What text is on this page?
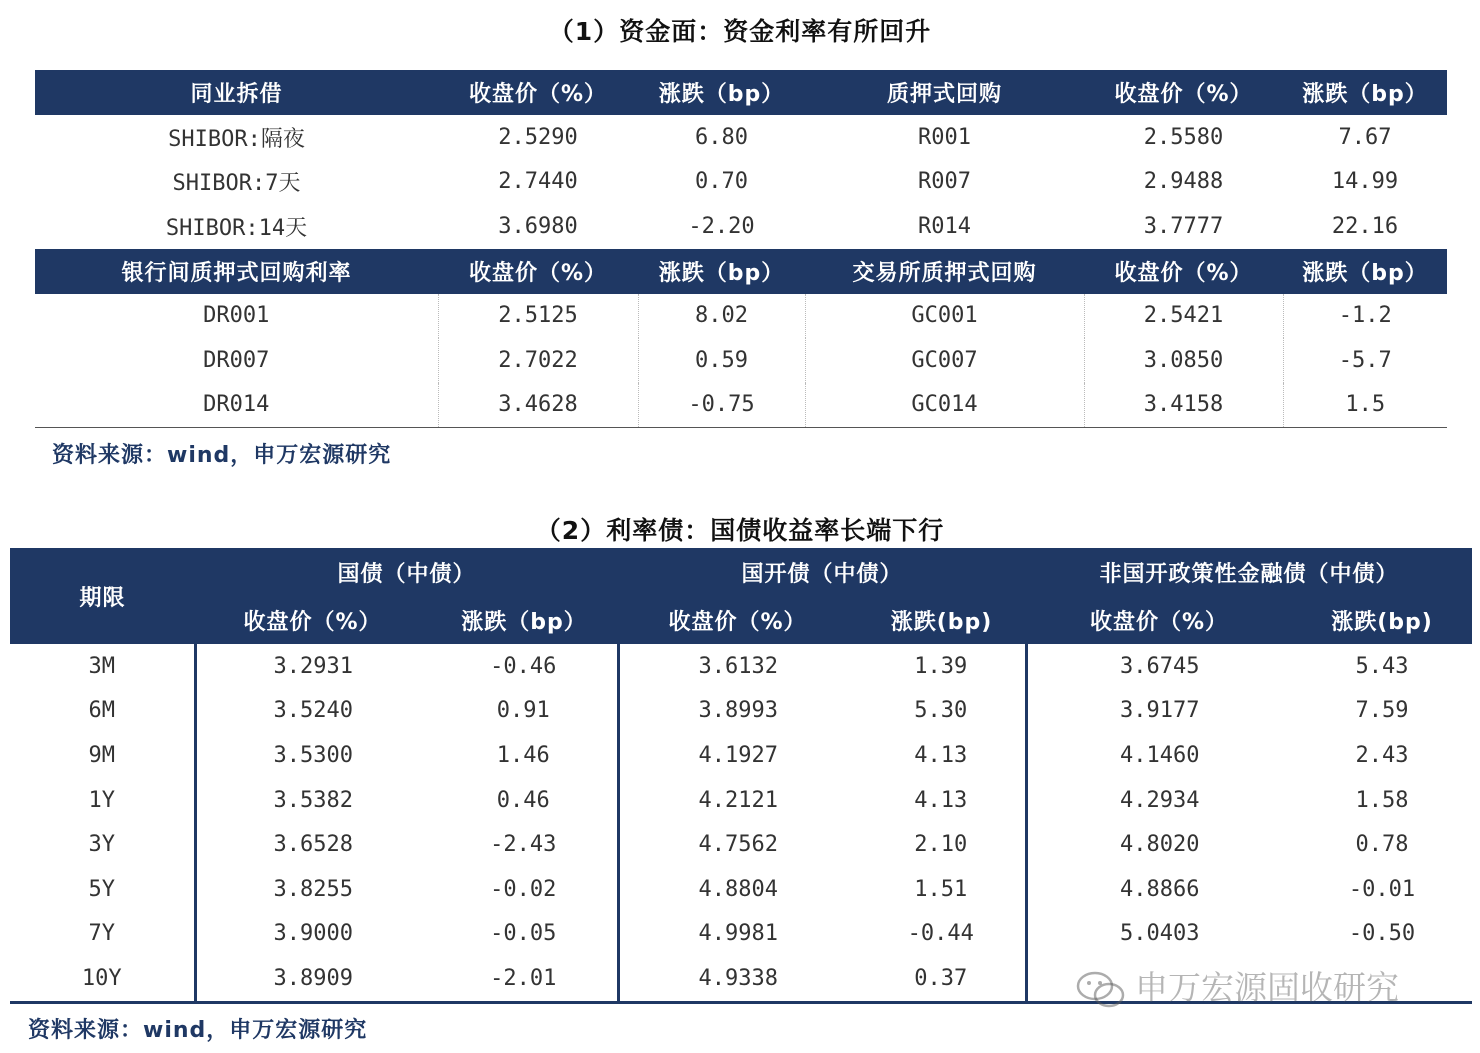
（1）资金面：资金利率有所回升
同业拆借	收盘价（%）	涨跌（bp）	质押式回购	收盘价（%）	涨跌（bp）
SHIBOR:隔夜	2.5290	6.80	R001	2.5580	7.67
SHIBOR:7天	2.7440	0.70	R007	2.9488	14.99
SHIBOR:14天	3.6980	-2.20	R014	3.7777	22.16
银行间质押式回购利率	收盘价（%）	涨跌（bp）	交易所质押式回购	收盘价（%）	涨跌（bp）
DR001	2.5125	8.02	GC001	2.5421	-1.2
DR007	2.7022	0.59	GC007	3.0850	-5.7
DR014	3.4628	-0.75	GC014	3.4158	1.5
资料来源：wind，申万宏源研究
（2）利率债：国债收益率长端下行
期限	国债（中债）		国开债（中债）		非国开政策性金融债（中债）	
	收盘价（%）	涨跌（bp）	收盘价（%）	涨跌(bp)	收盘价（%）	涨跌(bp)
3M	3.2931	-0.46	3.6132	1.39	3.6745	5.43
6M	3.5240	0.91	3.8993	5.30	3.9177	7.59
9M	3.5300	1.46	4.1927	4.13	4.1460	2.43
1Y	3.5382	0.46	4.2121	4.13	4.2934	1.58
3Y	3.6528	-2.43	4.7562	2.10	4.8020	0.78
5Y	3.8255	-0.02	4.8804	1.51	4.8866	-0.01
7Y	3.9000	-0.05	4.9981	-0.44	5.0403	-0.50
10Y	3.8909	-2.01	4.9338	0.37		
资料来源：wind，申万宏源研究
申万宏源固收研究
